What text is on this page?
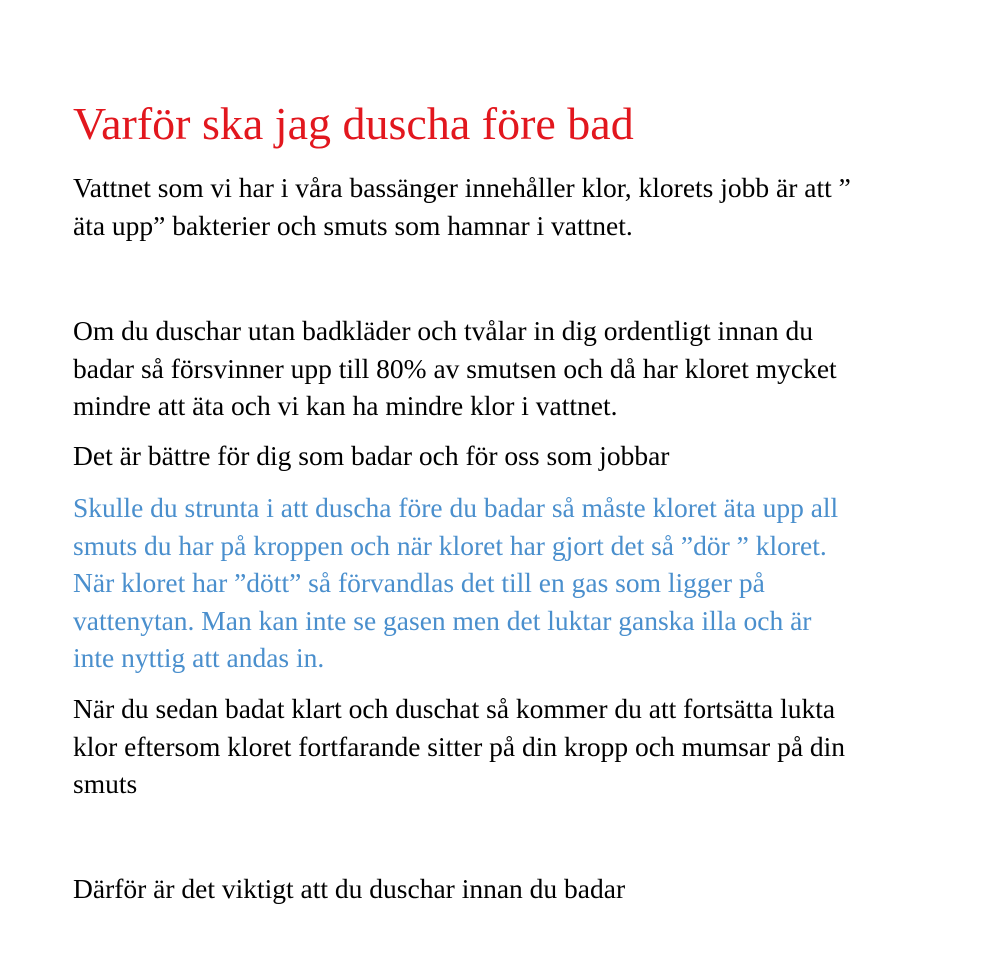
Varför ska jag duscha före bad

Vattnet som vi har i våra bassänger innehåller klor, klorets jobb är att ”
äta upp” bakterier och smuts som hamnar i vattnet.

Om du duschar utan badkläder och tvålar in dig ordentligt innan du
badar så försvinner upp till 80% av smutsen och då har kloret mycket
mindre att äta och vi kan ha mindre klor i vattnet.

Det är bättre för dig som badar och för oss som jobbar

Skulle du strunta i att duscha före du badar så måste kloret äta upp all
smuts du har på kroppen och när kloret har gjort det så ”dör ” kloret.
När kloret har ”dött” så förvandlas det till en gas som ligger på
vattenytan. Man kan inte se gasen men det luktar ganska illa och är
inte nyttig att andas in.

När du sedan badat klart och duschat så kommer du att fortsätta lukta
klor eftersom kloret fortfarande sitter på din kropp och mumsar på din
smuts

Därför är det viktigt att du duschar innan du badar
